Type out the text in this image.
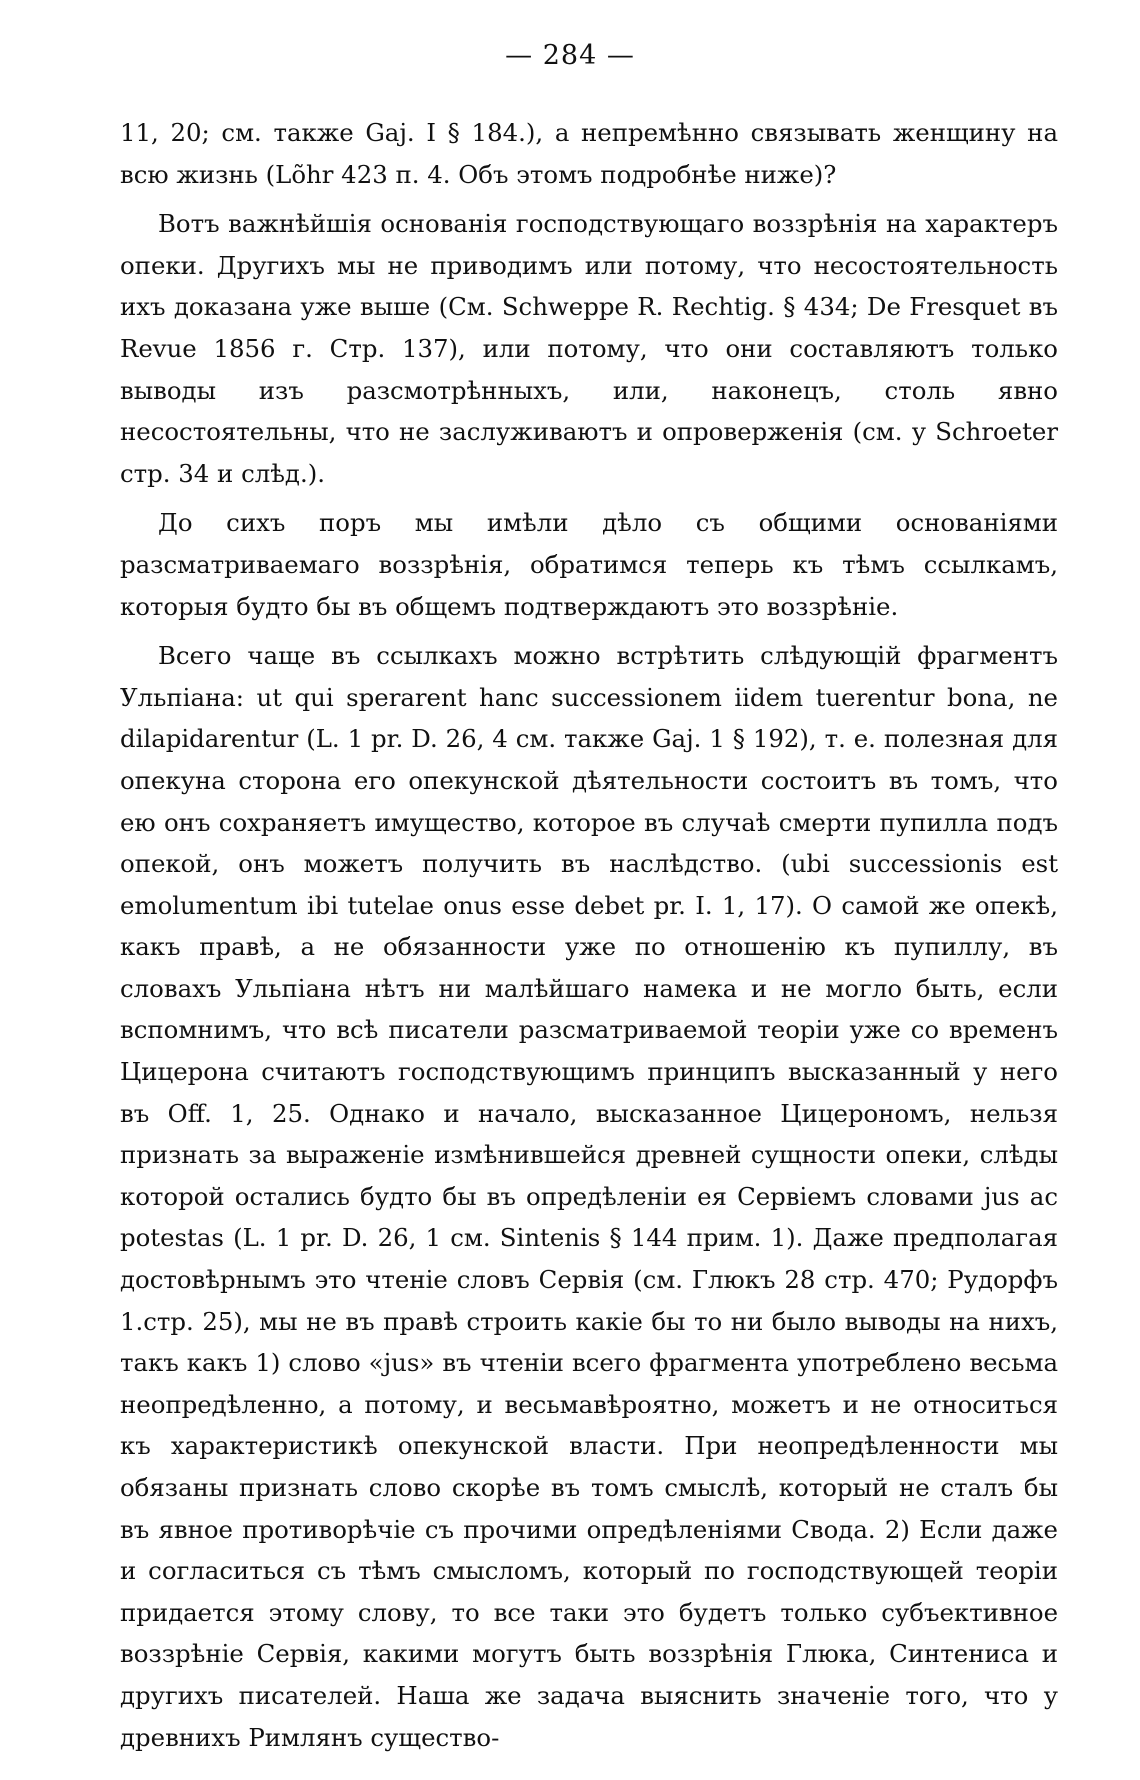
— 284 —

11, 20; см. также Gaj. I § 184.), а непремѣнно связывать женщину на всю жизнь (Lõhr 423 п. 4. Объ этомъ подробнѣе ниже)?

Вотъ важнѣйшія основанія господствующаго воззрѣнія на характеръ опеки. Другихъ мы не приводимъ или потому, что несостоятельность ихъ доказана уже выше (См. Schwерре R. Rechtig. § 434; De Fresquet въ Revue 1856 г. Стр. 137), или потому, что они составляютъ только выводы изъ разсмотрѣнныхъ, или, наконецъ, столь явно несостоятельны, что не заслуживаютъ и опроверженія (см. у Schroeter стр. 34 и слѣд.).

До сихъ поръ мы имѣли дѣло съ общими основаніями разсматриваемаго воззрѣнія, обратимся теперь къ тѣмъ ссылкамъ, которыя будто бы въ общемъ подтверждаютъ это воззрѣніе.

Всего чаще въ ссылкахъ можно встрѣтить слѣдующій фрагментъ Ульпіана: ut qui sperarent hanc successionem iidem tuerentur bona, ne dilapidarentur (L. 1 pr. D. 26, 4 см. также Gaj. 1 § 192), т. е. полезная для опекуна сторона его опекунской дѣятельности состоитъ въ томъ, что ею онъ сохраняетъ имущество, которое въ случаѣ смерти пупилла подъ опекой, онъ можетъ получить въ наслѣдство. (ubi successionis est emolumentum ibi tutelae onus esse debet pr. I. 1, 17). О самой же опекѣ, какъ правѣ, а не обязанности уже по отношенію къ пупиллу, въ словахъ Ульпіана нѣтъ ни малѣйшаго намека и не могло быть, если вспомнимъ, что всѣ писатели разсматриваемой теоріи уже со временъ Цицерона считаютъ господствующимъ принципъ высказанный у него въ Off. 1, 25. Однако и начало, высказанное Цицерономъ, нельзя признать за выраженіе измѣнившейся древней сущности опеки, слѣды которой остались будто бы въ опредѣленіи ея Сервіемъ словами jus ac potestas (L. 1 pr. D. 26, 1 см. Sintenis § 144 прим. 1). Даже предполагая достовѣрнымъ это чтеніе словъ Сервія (см. Глюкъ 28 стр. 470; Рудорфъ 1.стр. 25), мы не въ правѣ строить какіе бы то ни было выводы на нихъ, такъ какъ 1) слово «jus» въ чтеніи всего фрагмента употреблено весьма неопредѣленно, а потому, и весьмавѣроятно, можетъ и не относиться къ характеристикѣ опекунской власти. При неопредѣленности мы обязаны признать слово скорѣе въ томъ смыслѣ, который не сталъ бы въ явное противорѣчіе съ прочими опредѣленіями Свода. 2) Если даже и согласиться съ тѣмъ смысломъ, который по господствующей теоріи придается этому слову, то все таки это будетъ только субъективное воззрѣніе Сервія, какими могутъ быть воззрѣнія Глюка, Синтениса и другихъ писателей. Наша же задача выяснить значеніе того, что у древнихъ Римлянъ существо-
